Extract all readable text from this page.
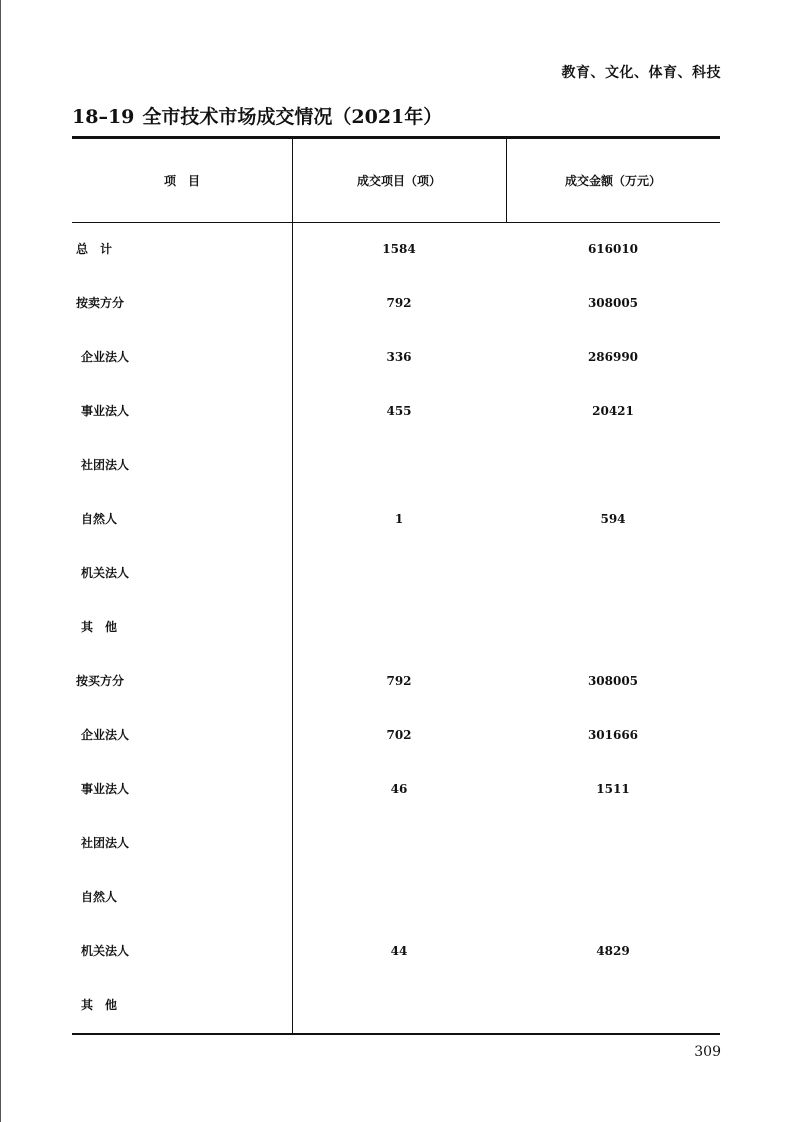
教育、文化、体育、科技
18–19 全市技术市场成交情况（2021年）
项　目	成交项目（项）	成交金额（万元）
总　计	1584	616010
按卖方分	792	308005
企业法人	336	286990
事业法人	455	20421
社团法人
自然人	1	594
机关法人
其　他
按买方分	792	308005
企业法人	702	301666
事业法人	46	1511
社团法人
自然人
机关法人	44	4829
其　他
309
